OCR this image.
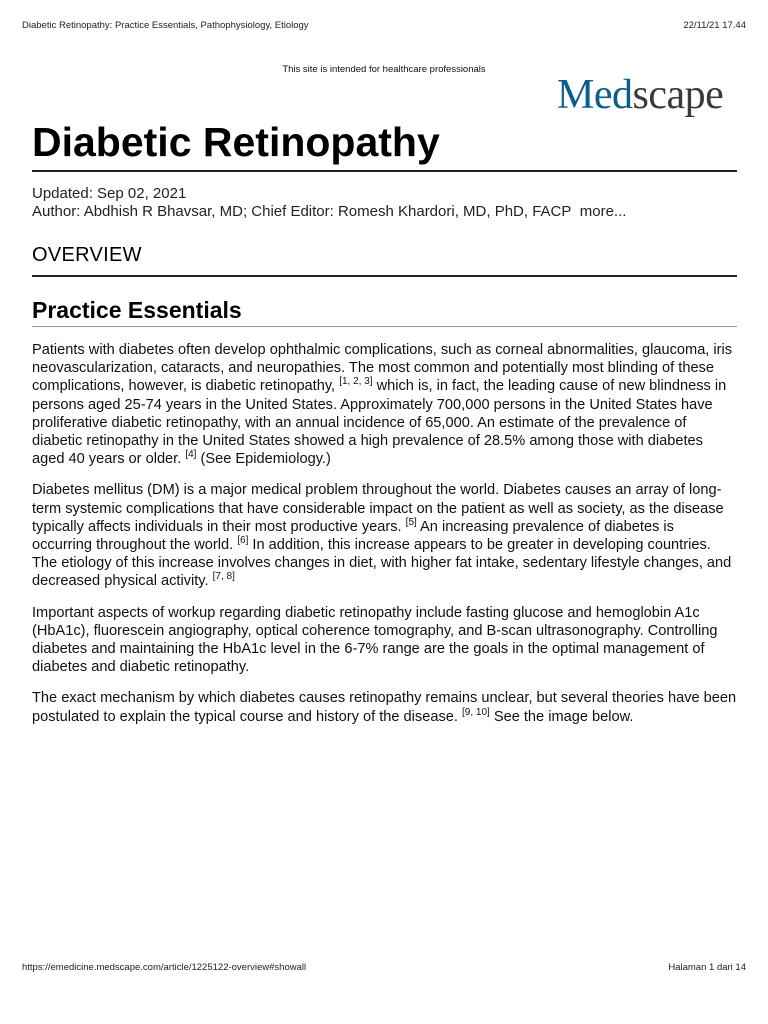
Diabetic Retinopathy: Practice Essentials, Pathophysiology, Etiology	22/11/21 17.44
This site is intended for healthcare professionals
Medscape
Diabetic Retinopathy
Updated: Sep 02, 2021
Author: Abdhish R Bhavsar, MD; Chief Editor: Romesh Khardori, MD, PhD, FACP more...
OVERVIEW
Practice Essentials

Patients with diabetes often develop ophthalmic complications, such as corneal abnormalities, glaucoma, iris neovascularization, cataracts, and neuropathies. The most common and potentially most blinding of these complications, however, is diabetic retinopathy, [1, 2, 3] which is, in fact, the leading cause of new blindness in persons aged 25-74 years in the United States. Approximately 700,000 persons in the United States have proliferative diabetic retinopathy, with an annual incidence of 65,000. An estimate of the prevalence of diabetic retinopathy in the United States showed a high prevalence of 28.5% among those with diabetes aged 40 years or older. [4] (See Epidemiology.)

Diabetes mellitus (DM) is a major medical problem throughout the world. Diabetes causes an array of long-term systemic complications that have considerable impact on the patient as well as society, as the disease typically affects individuals in their most productive years. [5] An increasing prevalence of diabetes is occurring throughout the world. [6] In addition, this increase appears to be greater in developing countries. The etiology of this increase involves changes in diet, with higher fat intake, sedentary lifestyle changes, and decreased physical activity. [7, 8]

Important aspects of workup regarding diabetic retinopathy include fasting glucose and hemoglobin A1c (HbA1c), fluorescein angiography, optical coherence tomography, and B-scan ultrasonography. Controlling diabetes and maintaining the HbA1c level in the 6-7% range are the goals in the optimal management of diabetes and diabetic retinopathy.

The exact mechanism by which diabetes causes retinopathy remains unclear, but several theories have been postulated to explain the typical course and history of the disease. [9, 10] See the image below.

https://emedicine.medscape.com/article/1225122-overview#showall	Halaman 1 dari 14
